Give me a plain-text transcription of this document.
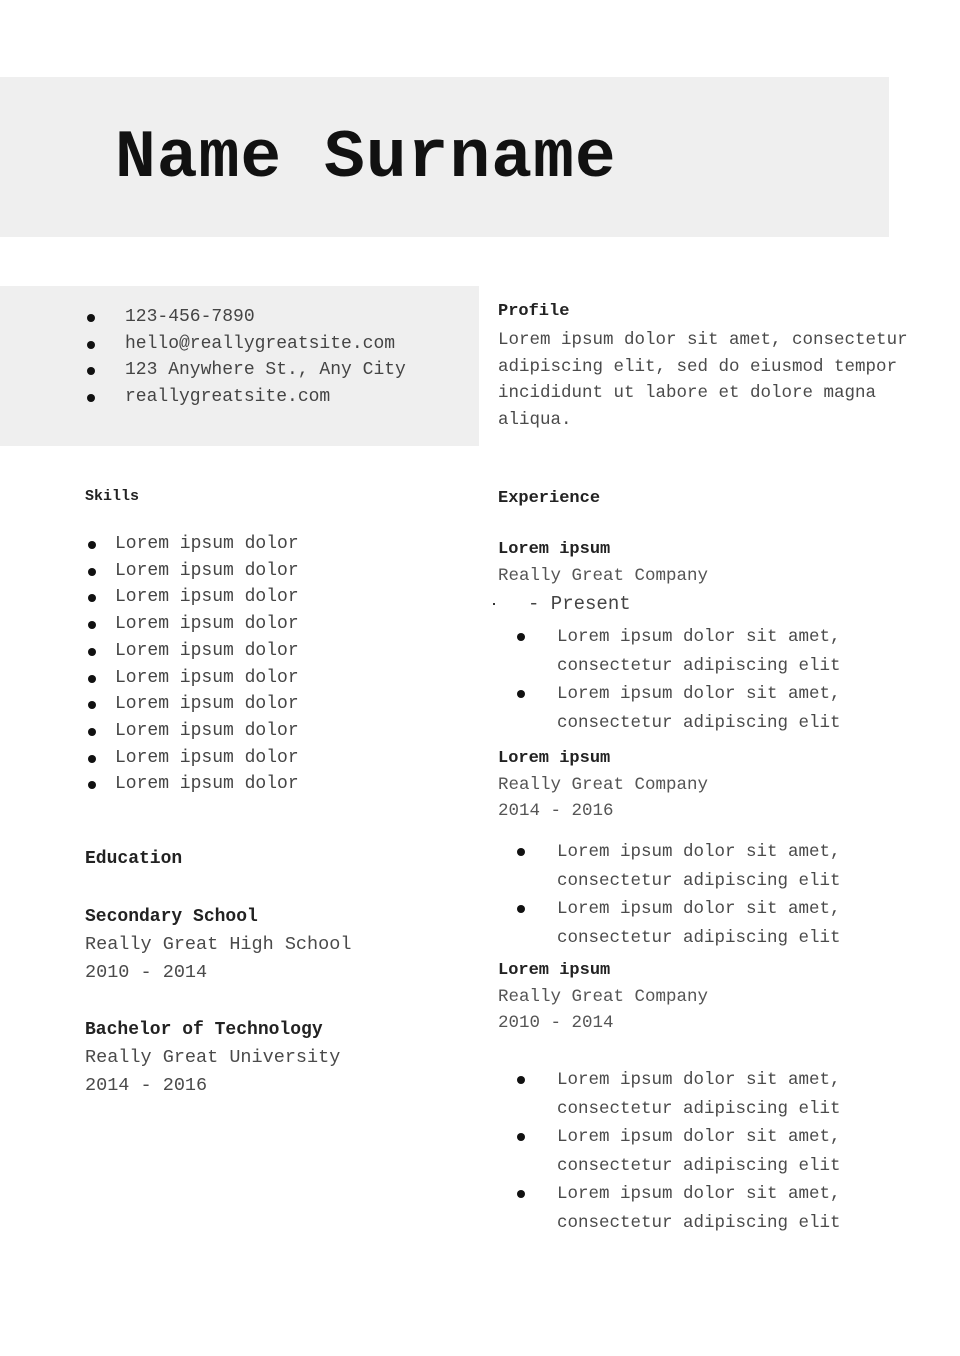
Name Surname
123-456-7890
hello@reallygreatsite.com
123 Anywhere St., Any City
reallygreatsite.com
Profile
Lorem ipsum dolor sit amet, consectetur adipiscing elit, sed do eiusmod tempor incididunt ut labore et dolore magna aliqua.
Skills
Lorem ipsum dolor
Lorem ipsum dolor
Lorem ipsum dolor
Lorem ipsum dolor
Lorem ipsum dolor
Lorem ipsum dolor
Lorem ipsum dolor
Lorem ipsum dolor
Lorem ipsum dolor
Lorem ipsum dolor
Education
Secondary School
Really Great High School
2010 - 2014
Bachelor of Technology
Really Great University
2014 - 2016
Experience
Lorem ipsum
Really Great Company
- Present
Lorem ipsum dolor sit amet, consectetur adipiscing elit
Lorem ipsum dolor sit amet, consectetur adipiscing elit
Lorem ipsum
Really Great Company
2014 - 2016
Lorem ipsum dolor sit amet, consectetur adipiscing elit
Lorem ipsum dolor sit amet, consectetur adipiscing elit
Lorem ipsum
Really Great Company
2010 - 2014
Lorem ipsum dolor sit amet, consectetur adipiscing elit
Lorem ipsum dolor sit amet, consectetur adipiscing elit
Lorem ipsum dolor sit amet, consectetur adipiscing elit
